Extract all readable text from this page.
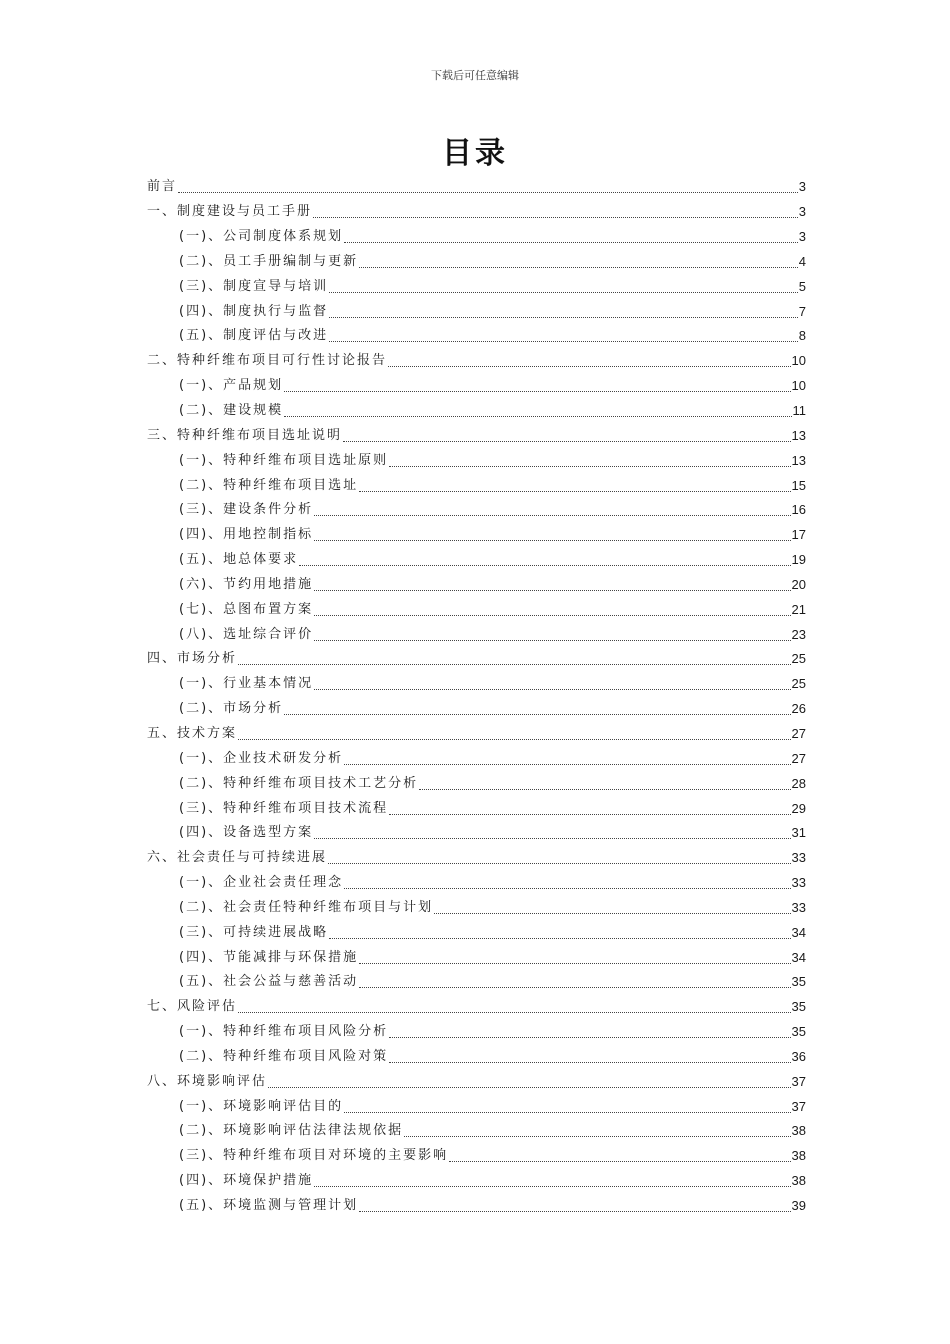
下载后可任意编辑
目录
前言	3
一、制度建设与员工手册	3
(一)、公司制度体系规划	3
(二)、员工手册编制与更新	4
(三)、制度宣导与培训	5
(四)、制度执行与监督	7
(五)、制度评估与改进	8
二、特种纤维布项目可行性讨论报告	10
(一)、产品规划	10
(二)、建设规模	11
三、特种纤维布项目选址说明	13
(一)、特种纤维布项目选址原则	13
(二)、特种纤维布项目选址	15
(三)、建设条件分析	16
(四)、用地控制指标	17
(五)、地总体要求	19
(六)、节约用地措施	20
(七)、总图布置方案	21
(八)、选址综合评价	23
四、市场分析	25
(一)、行业基本情况	25
(二)、市场分析	26
五、技术方案	27
(一)、企业技术研发分析	27
(二)、特种纤维布项目技术工艺分析	28
(三)、特种纤维布项目技术流程	29
(四)、设备选型方案	31
六、社会责任与可持续进展	33
(一)、企业社会责任理念	33
(二)、社会责任特种纤维布项目与计划	33
(三)、可持续进展战略	34
(四)、节能减排与环保措施	34
(五)、社会公益与慈善活动	35
七、风险评估	35
(一)、特种纤维布项目风险分析	35
(二)、特种纤维布项目风险对策	36
八、环境影响评估	37
(一)、环境影响评估目的	37
(二)、环境影响评估法律法规依据	38
(三)、特种纤维布项目对环境的主要影响	38
(四)、环境保护措施	38
(五)、环境监测与管理计划	39
